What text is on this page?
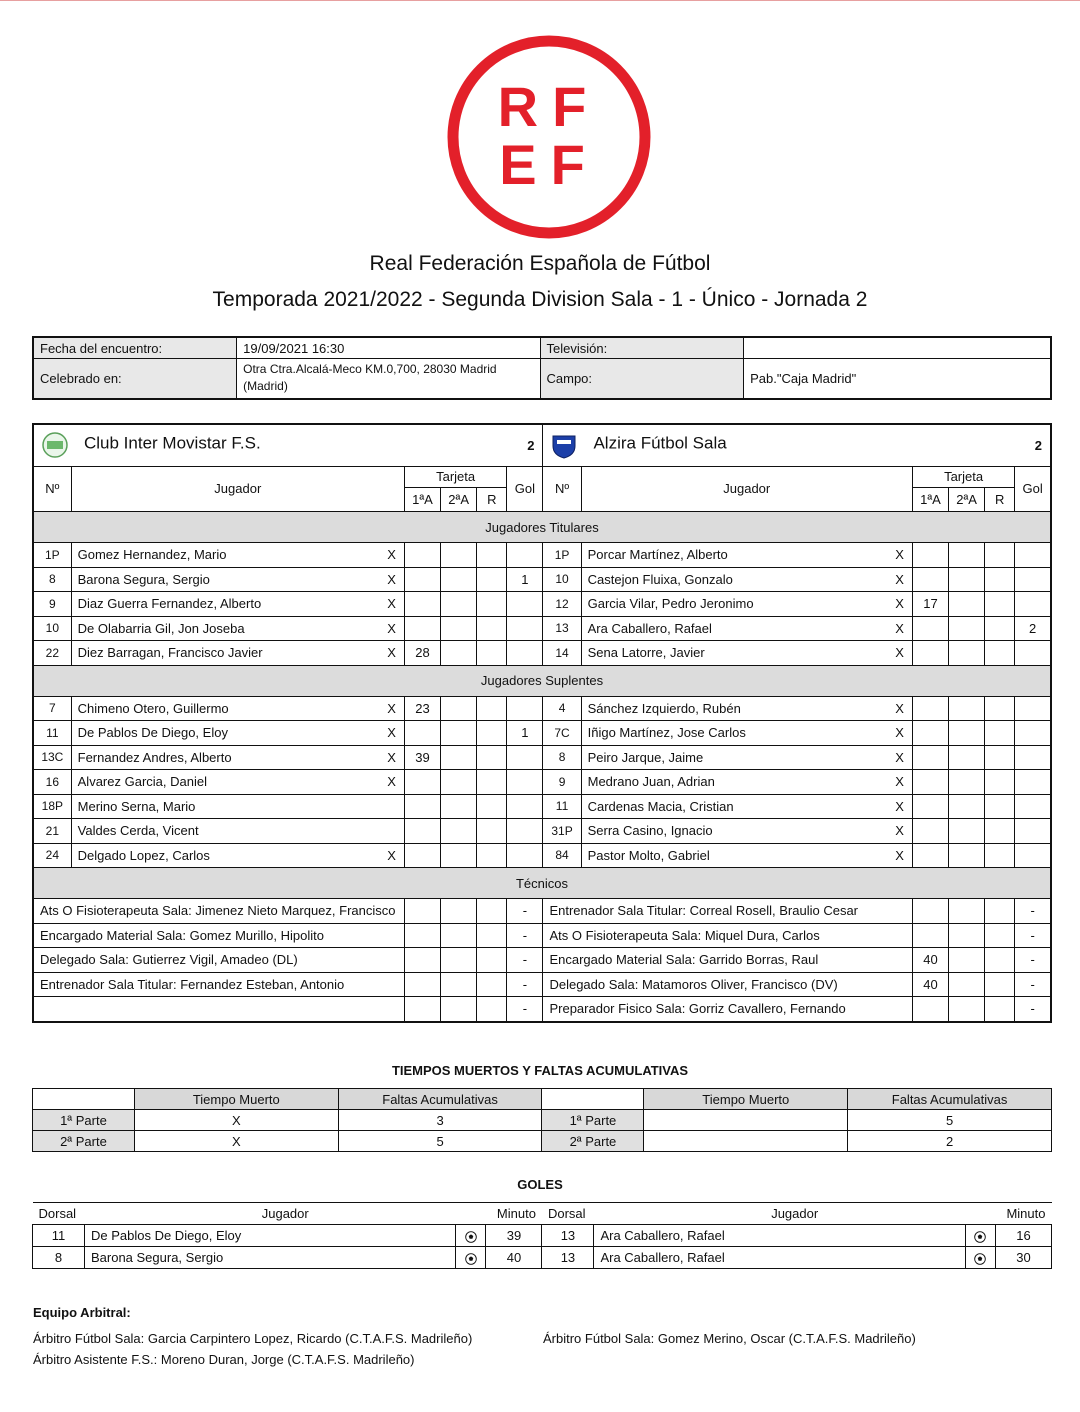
RF
EF
Real Federación Española de Fútbol
Temporada 2021/2022 - Segunda Division Sala - 1 - Único - Jornada 2
Fecha del encuentro:	19/09/2021 16:30	Televisión:	
Celebrado en:	Otra Ctra.Alcalá-Meco KM.0,700, 28030 Madrid (Madrid)	Campo:	Pab."Caja Madrid"
Club Inter Movistar F.S.					2	Alzira Fútbol Sala					2
Nº	Jugador	Tarjeta			Gol	Nº	Jugador	Tarjeta			Gol
		1ªA	2ªA	R				1ªA	2ªA	R	
Jugadores Titulares											
1P	Gomez Hernandez, Mario X					1P	Porcar Martínez, Alberto X				

8	Barona Segura, Sergio X				1	10	Castejon Fluixa, Gonzalo X				

9	Diaz Guerra Fernandez, Alberto X					12	Garcia Vilar, Pedro Jeronimo X	17			
10	De Olabarria Gil, Jon Joseba X					13	Ara Caballero, Rafael X				2
22	Diez Barragan, Francisco Javier X	28				14	Sena Latorre, Javier X				

Jugadores Suplentes											
7	Chimeno Otero, Guillermo X	23				4	Sánchez Izquierdo, Rubén X				

11	De Pablos De Diego, Eloy X				1	7C	Iñigo Martínez, Jose Carlos X				

13C	Fernandez Andres, Alberto X	39				8	Peiro Jarque, Jaime X				

16	Alvarez Garcia, Daniel X					9	Medrano Juan, Adrian X				

18P	Merino Serna, Mario					11	Cardenas Macia, Cristian X				

21	Valdes Cerda, Vicent					31P	Serra Casino, Ignacio X				

24	Delgado Lopez, Carlos X					84	Pastor Molto, Gabriel X				

Técnicos											
Ats O Fisioterapeuta Sala: Jimenez Nieto Marquez, Francisco					-	Entrenador Sala Titular: Correal Rosell, Braulio Cesar					-
Encargado Material Sala: Gomez Murillo, Hipolito					-	Ats O Fisioterapeuta Sala: Miquel Dura, Carlos					-
Delegado Sala: Gutierrez Vigil, Amadeo (DL)					-	Encargado Material Sala: Garrido Borras, Raul		40			-
Entrenador Sala Titular: Fernandez Esteban, Antonio					-	Delegado Sala: Matamoros Oliver, Francisco (DV)		40			-
					-	Preparador Fisico Sala: Gorriz Cavallero, Fernando					-
TIEMPOS MUERTOS Y FALTAS ACUMULATIVAS
	Tiempo Muerto	Faltas Acumulativas		Tiempo Muerto	Faltas Acumulativas
1ª Parte	X	3	1ª Parte		5
2ª Parte	X	5	2ª Parte		2
GOLES
Dorsal	Jugador		Minuto	Dorsal	Jugador		Minuto
11	De Pablos De Diego, Eloy		39	13	Ara Caballero, Rafael		16
8	Barona Segura, Sergio		40	13	Ara Caballero, Rafael		30
Equipo Arbitral:
Árbitro Fútbol Sala: Garcia Carpintero Lopez, Ricardo (C.T.A.F.S. Madrileño)	Árbitro Fútbol Sala: Gomez Merino, Oscar (C.T.A.F.S. Madrileño)
Árbitro Asistente F.S.: Moreno Duran, Jorge (C.T.A.F.S. Madrileño)
